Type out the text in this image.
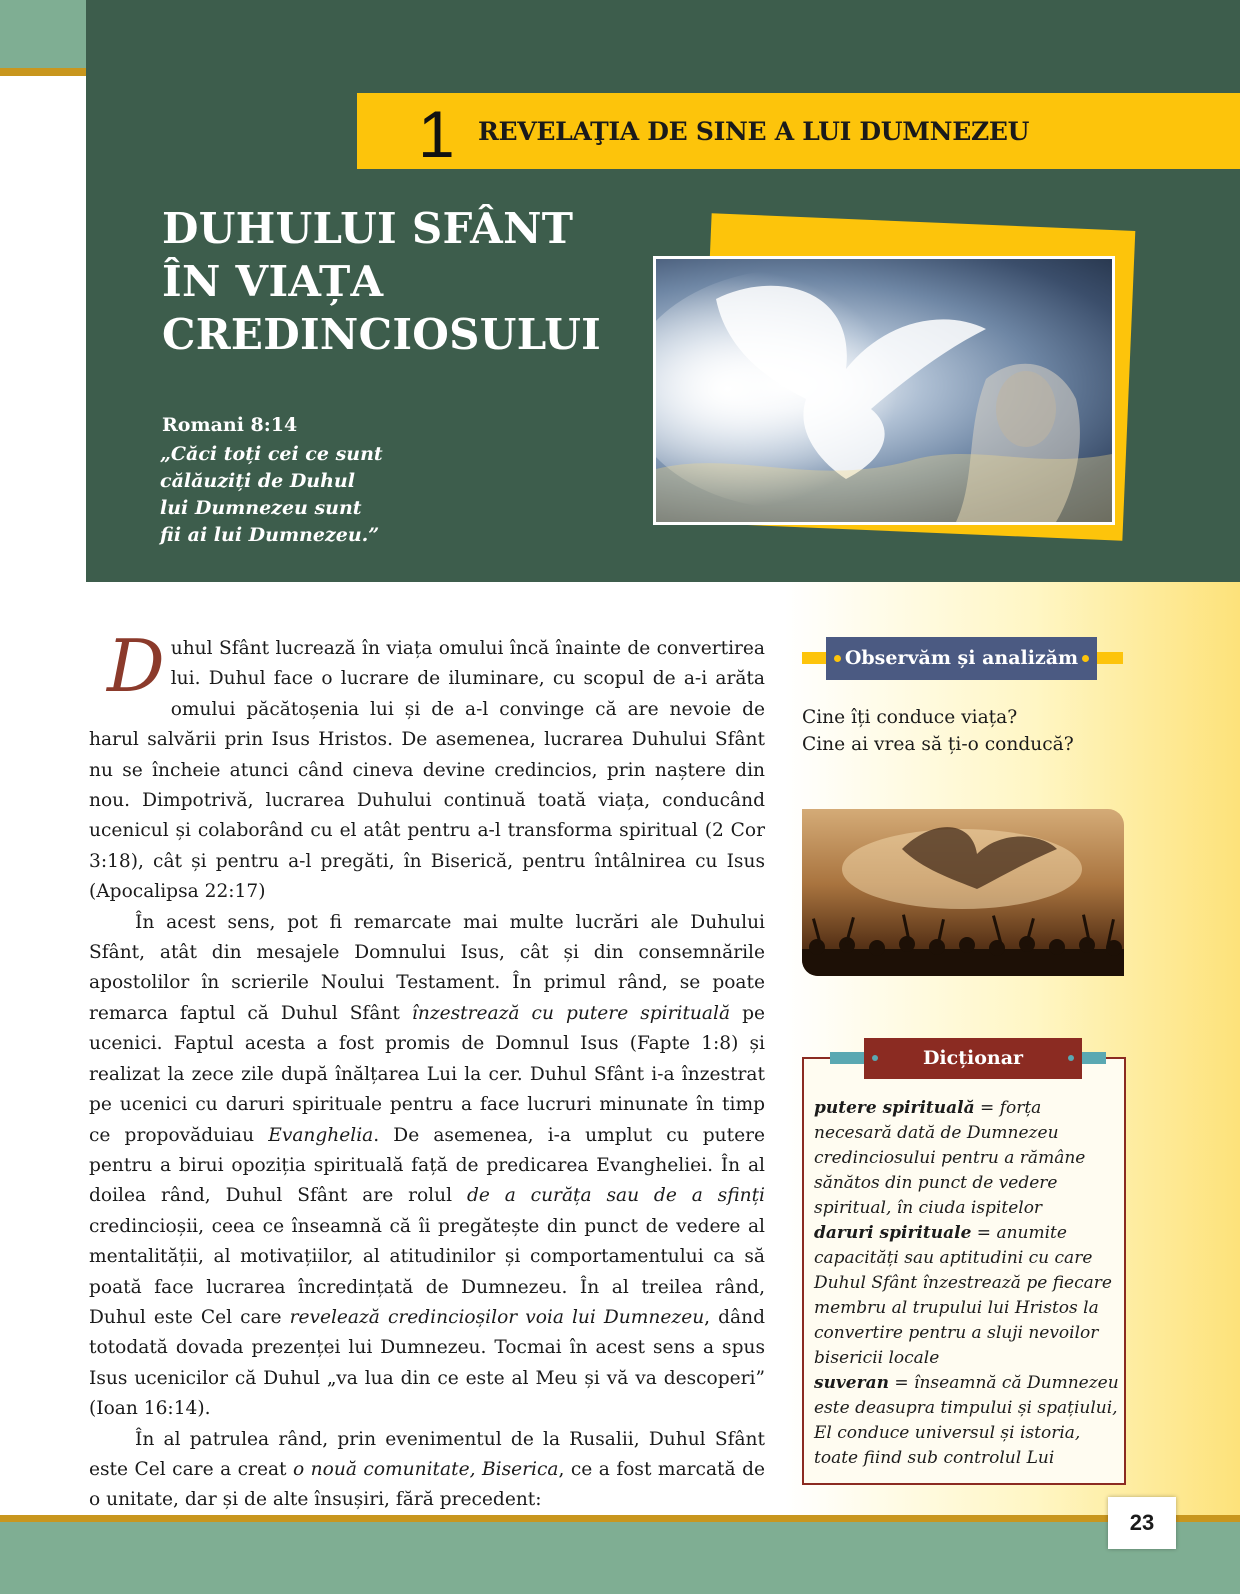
1 REVELAŢIA DE SINE A LUI DUMNEZEU
DUHULUI SFÂNT
ÎN VIAȚA
CREDINCIOSULUI
Romani 8:14
„Căci toți cei ce sunt
călăuziți de Duhul
lui Dumnezeu sunt
fii ai lui Dumnezeu.”

Duhul Sfânt lucrează în viața omului încă înainte de convertirea lui. Duhul face o lucrare de iluminare, cu scopul de a-i arăta omului păcătoșenia lui și de a-l convinge că are nevoie de harul salvării prin Isus Hristos. De asemenea, lucrarea Duhului Sfânt nu se încheie atunci când cineva devine credincios, prin naștere din nou. Dimpotrivă, lucrarea Duhului continuă toată viața, conducând ucenicul și colaborând cu el atât pentru a-l transforma spiritual (2 Cor 3:18), cât și pentru a-l pregăti, în Biserică, pentru întâlnirea cu Isus (Apocalipsa 22:17)

În acest sens, pot fi remarcate mai multe lucrări ale Duhului Sfânt, atât din mesajele Domnului Isus, cât și din consemnările apostolilor în scrierile Noului Testament. În primul rând, se poate remarca faptul că Duhul Sfânt înzestrează cu putere spirituală pe ucenici. Faptul acesta a fost promis de Domnul Isus (Fapte 1:8) și realizat la zece zile după înălțarea Lui la cer. Duhul Sfânt i-a înzestrat pe ucenici cu daruri spirituale pentru a face lucruri minunate în timp ce propovăduiau Evanghelia. De asemenea, i-a umplut cu putere pentru a birui opoziția spirituală față de predicarea Evangheliei. În al doilea rând, Duhul Sfânt are rolul de a curăța sau de a sfinți credincioșii, ceea ce înseamnă că îi pregătește din punct de vedere al mentalității, al motivațiilor, al atitudinilor și comportamentului ca să poată face lucrarea încredințată de Dumnezeu. În al treilea rând, Duhul este Cel care revelează credincioșilor voia lui Dumnezeu, dând totodată dovada prezenței lui Dumnezeu. Tocmai în acest sens a spus Isus ucenicilor că Duhul „va lua din ce este al Meu și vă va descoperi” (Ioan 16:14).

În al patrulea rând, prin evenimentul de la Rusalii, Duhul Sfânt este Cel care a creat o nouă comunitate, Biserica, ce a fost marcată de o unitate, dar și de alte însușiri, fără precedent:

Observăm și analizăm
Cine îți conduce viața?
Cine ai vrea să ți-o conducă?
Dicționar
putere spirituală = forța necesară dată de Dumnezeu credinciosului pentru a rămâne sănătos din punct de vedere spiritual, în ciuda ispitelor
daruri spirituale = anumite capacități sau aptitudini cu care Duhul Sfânt înzestrează pe fiecare membru al trupului lui Hristos la convertire pentru a sluji nevoilor bisericii locale
suveran = înseamnă că Dumnezeu este deasupra timpului și spațiului, El conduce universul și istoria, toate fiind sub controlul Lui
23
